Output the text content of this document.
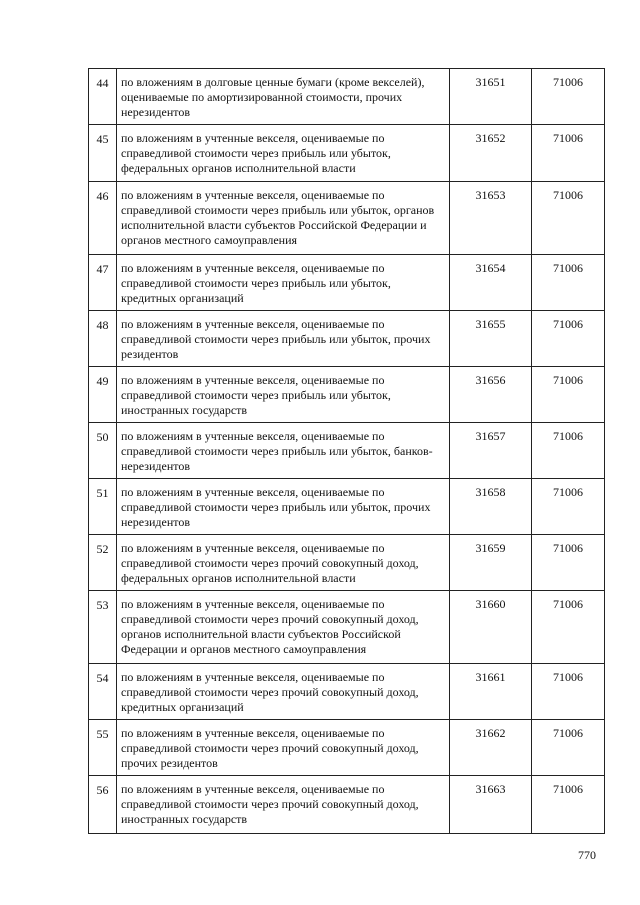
44	по вложениям в долговые ценные бумаги (кроме векселей), оцениваемые по амортизированной стоимости, прочих нерезидентов	31651	71006
45	по вложениям в учтенные векселя, оцениваемые по справедливой стоимости через прибыль или убыток, федеральных органов исполнительной власти	31652	71006
46	по вложениям в учтенные векселя, оцениваемые по справедливой стоимости через прибыль или убыток, органов исполнительной власти субъектов Российской Федерации и органов местного самоуправления	31653	71006
47	по вложениям в учтенные векселя, оцениваемые по справедливой стоимости через прибыль или убыток, кредитных организаций	31654	71006
48	по вложениям в учтенные векселя, оцениваемые по справедливой стоимости через прибыль или убыток, прочих резидентов	31655	71006
49	по вложениям в учтенные векселя, оцениваемые по справедливой стоимости через прибыль или убыток, иностранных государств	31656	71006
50	по вложениям в учтенные векселя, оцениваемые по справедливой стоимости через прибыль или убыток, банков-нерезидентов	31657	71006
51	по вложениям в учтенные векселя, оцениваемые по справедливой стоимости через прибыль или убыток, прочих нерезидентов	31658	71006
52	по вложениям в учтенные векселя, оцениваемые по справедливой стоимости через прочий совокупный доход, федеральных органов исполнительной власти	31659	71006
53	по вложениям в учтенные векселя, оцениваемые по справедливой стоимости через прочий совокупный доход, органов исполнительной власти субъектов Российской Федерации и органов местного самоуправления	31660	71006
54	по вложениям в учтенные векселя, оцениваемые по справедливой стоимости через прочий совокупный доход, кредитных организаций	31661	71006
55	по вложениям в учтенные векселя, оцениваемые по справедливой стоимости через прочий совокупный доход, прочих резидентов	31662	71006
56	по вложениям в учтенные векселя, оцениваемые по справедливой стоимости через прочий совокупный доход, иностранных государств	31663	71006
770
